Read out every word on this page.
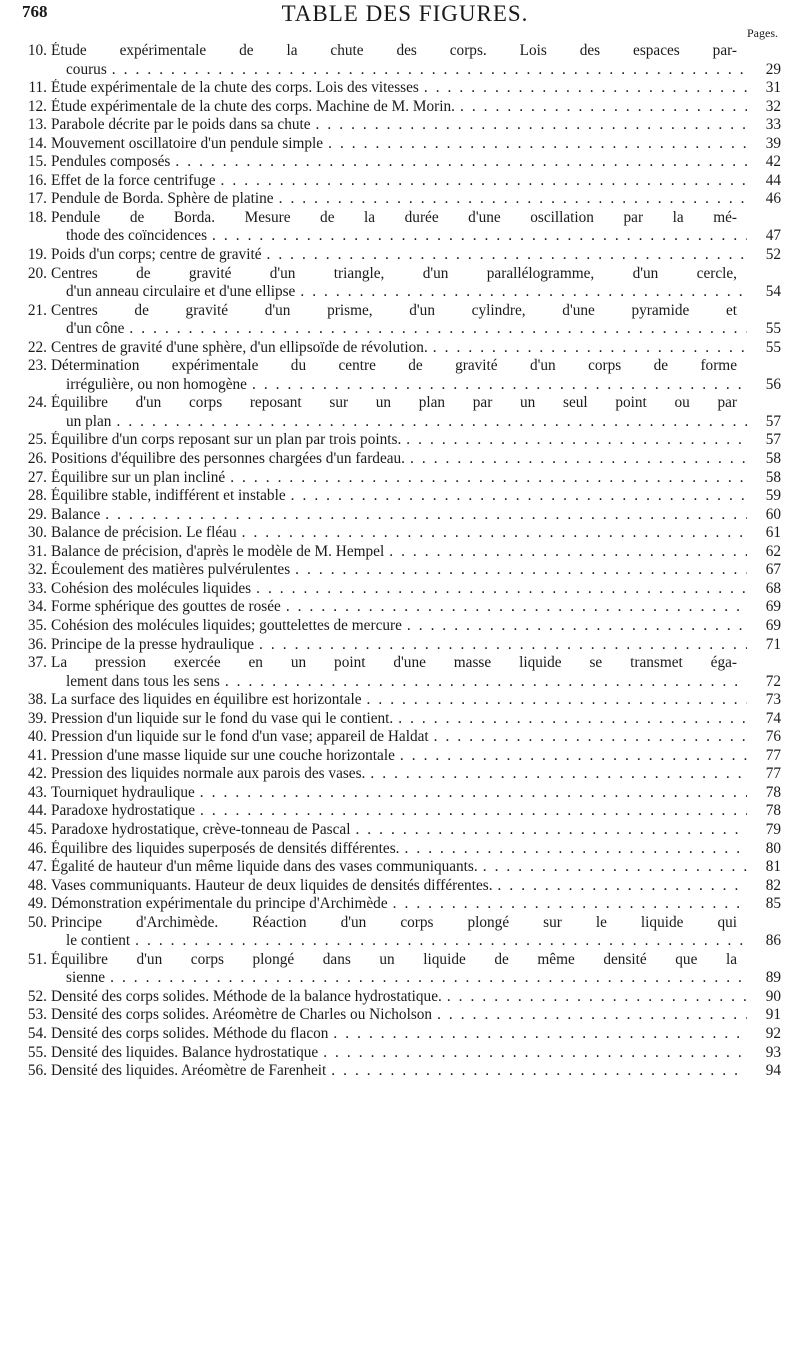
768	TABLE DES FIGURES.
Pages.
10. Étude expérimentale de la chute des corps. Lois des espaces par-
courus . . .	29
11. Étude expérimentale de la chute des corps. Lois des vitesses . . .	31
12. Étude expérimentale de la chute des corps. Machine de M. Morin. . . .	32
13. Parabole décrite par le poids dans sa chute . . .	33
14. Mouvement oscillatoire d'un pendule simple . . .	39
15. Pendules composés . . .	42
16. Effet de la force centrifuge . . .	44
17. Pendule de Borda. Sphère de platine . . .	46
18. Pendule de Borda. Mesure de la durée d'une oscillation par la mé-
thode des coïncidences . . .	47
19. Poids d'un corps; centre de gravité . . .	52
20. Centres de gravité d'un triangle, d'un parallélogramme, d'un cercle,
d'un anneau circulaire et d'une ellipse . . .	54
21. Centres de gravité d'un prisme, d'un cylindre, d'une pyramide et
d'un cône . . .	55
22. Centres de gravité d'une sphère, d'un ellipsoïde de révolution. . . .	55
23. Détermination expérimentale du centre de gravité d'un corps de forme
irrégulière, ou non homogène . . .	56
24. Équilibre d'un corps reposant sur un plan par un seul point ou par
un plan . . .	57
25. Équilibre d'un corps reposant sur un plan par trois points. . . .	57
26. Positions d'équilibre des personnes chargées d'un fardeau. . . .	58
27. Équilibre sur un plan incliné . . .	58
28. Équilibre stable, indifférent et instable . . .	59
29. Balance . . .	60
30. Balance de précision. Le fléau . . .	61
31. Balance de précision, d'après le modèle de M. Hempel . . .	62
32. Écoulement des matières pulvérulentes . . .	67
33. Cohésion des molécules liquides . . .	68
34. Forme sphérique des gouttes de rosée . . .	69
35. Cohésion des molécules liquides; gouttelettes de mercure . . .	69
36. Principe de la presse hydraulique . . .	71
37. La pression exercée en un point d'une masse liquide se transmet éga-
lement dans tous les sens . . .	72
38. La surface des liquides en équilibre est horizontale . . .	73
39. Pression d'un liquide sur le fond du vase qui le contient. . . .	74
40. Pression d'un liquide sur le fond d'un vase; appareil de Haldat . . .	76
41. Pression d'une masse liquide sur une couche horizontale . . .	77
42. Pression des liquides normale aux parois des vases. . . .	77
43. Tourniquet hydraulique . . .	78
44. Paradoxe hydrostatique . . .	78
45. Paradoxe hydrostatique, crève-tonneau de Pascal . . .	79
46. Équilibre des liquides superposés de densités différentes. . . .	80
47. Égalité de hauteur d'un même liquide dans des vases communiquants. . . .	81
48. Vases communiquants. Hauteur de deux liquides de densités différentes. . . .	82
49. Démonstration expérimentale du principe d'Archimède . . .	85
50. Principe d'Archimède. Réaction d'un corps plongé sur le liquide qui
le contient . . .	86
51. Équilibre d'un corps plongé dans un liquide de même densité que la
sienne . . .	89
52. Densité des corps solides. Méthode de la balance hydrostatique. . . .	90
53. Densité des corps solides. Aréomètre de Charles ou Nicholson . . .	91
54. Densité des corps solides. Méthode du flacon . . .	92
55. Densité des liquides. Balance hydrostatique . . .	93
56. Densité des liquides. Aréomètre de Farenheit . . .	94
